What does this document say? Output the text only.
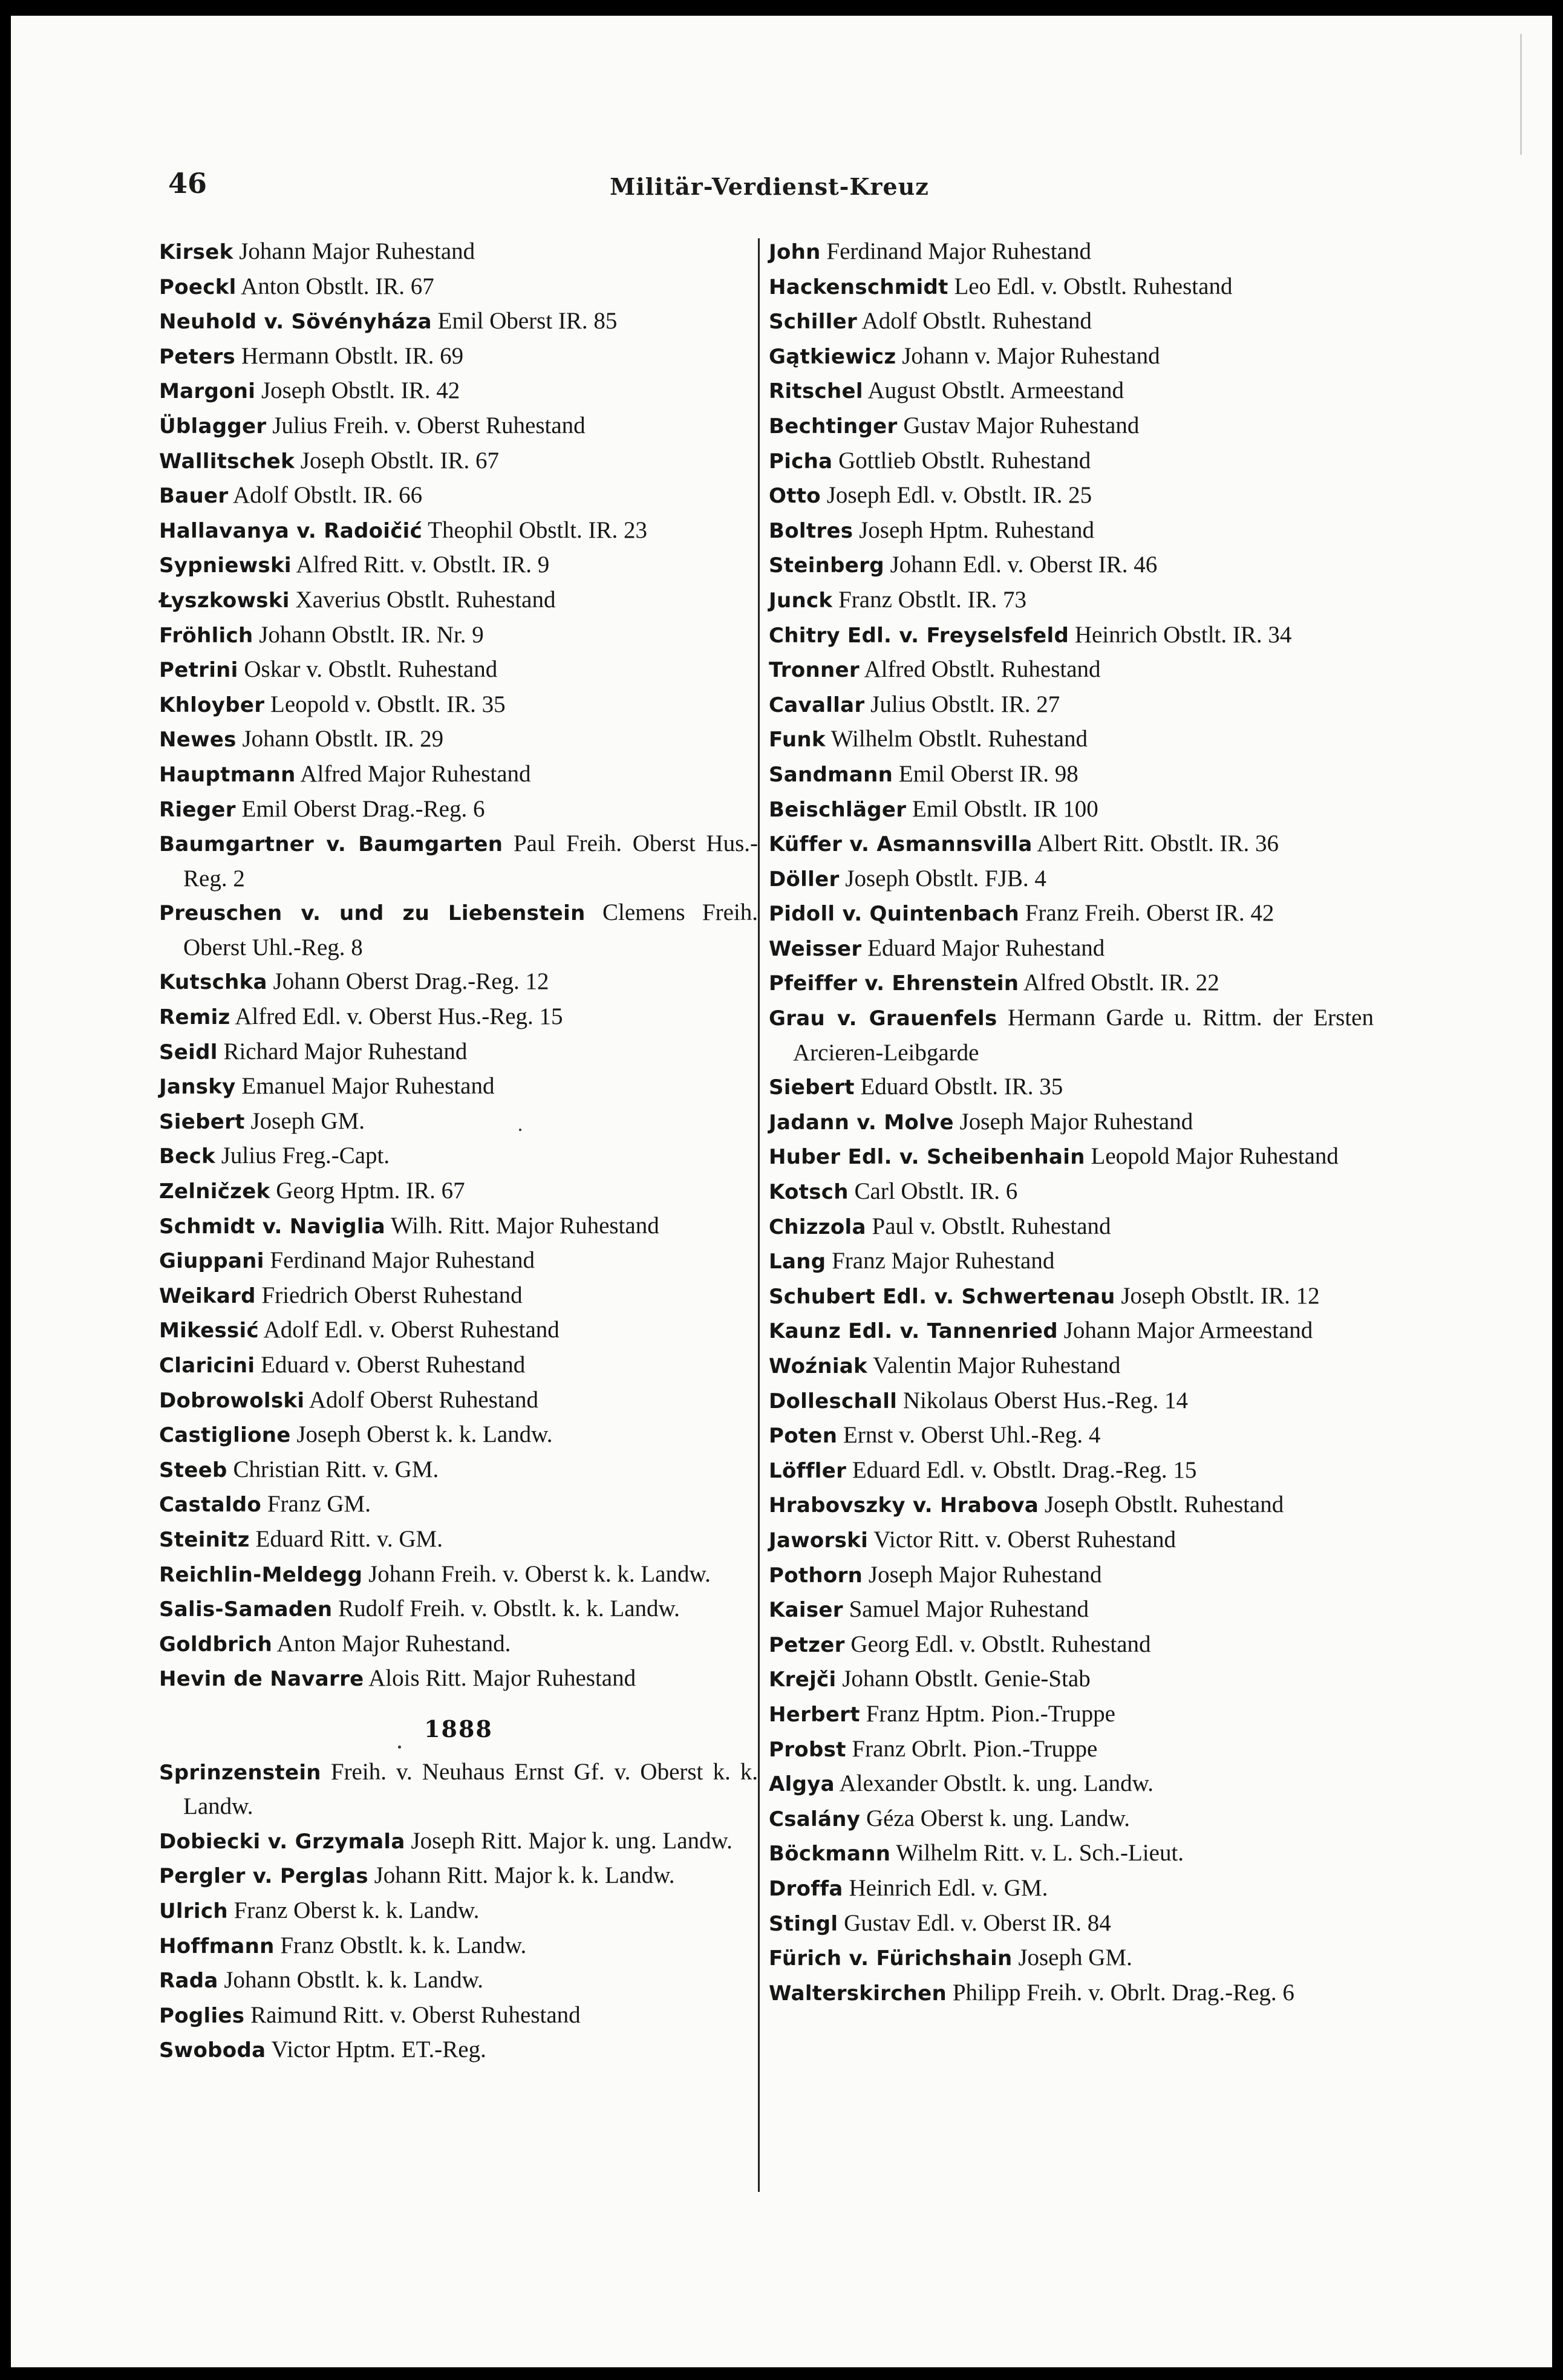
46	Militär-Verdienst-Kreuz
Kirsek Johann Major Ruhestand
Poeckl Anton Obstlt. IR. 67
Neuhold v. Sövényháza Emil Oberst IR. 85
Peters Hermann Obstlt. IR. 69
Margoni Joseph Obstlt. IR. 42
Üblagger Julius Freih. v. Oberst Ruhestand
Wallitschek Joseph Obstlt. IR. 67
Bauer Adolf Obstlt. IR. 66
Hallavanya v. Radoičić Theophil Obstlt. IR. 23
Sypniewski Alfred Ritt. v. Obstlt. IR. 9
Łyszkowski Xaverius Obstlt. Ruhestand
Fröhlich Johann Obstlt. IR. Nr. 9
Petrini Oskar v. Obstlt. Ruhestand
Khloyber Leopold v. Obstlt. IR. 35
Newes Johann Obstlt. IR. 29
Hauptmann Alfred Major Ruhestand
Rieger Emil Oberst Drag.-Reg. 6
Baumgartner v. Baumgarten Paul Freih. Oberst Hus.-Reg. 2
Preuschen v. und zu Liebenstein Clemens Freih. Oberst Uhl.-Reg. 8
Kutschka Johann Oberst Drag.-Reg. 12
Remiz Alfred Edl. v. Oberst Hus.-Reg. 15
Seidl Richard Major Ruhestand
Jansky Emanuel Major Ruhestand
Siebert Joseph GM.
Beck Julius Freg.-Capt.
Zelničzek Georg Hptm. IR. 67
Schmidt v. Naviglia Wilh. Ritt. Major Ruhestand
Giuppani Ferdinand Major Ruhestand
Weikard Friedrich Oberst Ruhestand
Mikessić Adolf Edl. v. Oberst Ruhestand
Claricini Eduard v. Oberst Ruhestand
Dobrowolski Adolf Oberst Ruhestand
Castiglione Joseph Oberst k. k. Landw.
Steeb Christian Ritt. v. GM.
Castaldo Franz GM.
Steinitz Eduard Ritt. v. GM.
Reichlin-Meldegg Johann Freih. v. Oberst k. k. Landw.
Salis-Samaden Rudolf Freih. v. Obstlt. k. k. Landw.
Goldbrich Anton Major Ruhestand.
Hevin de Navarre Alois Ritt. Major Ruhestand
1888
Sprinzenstein Freih. v. Neuhaus Ernst Gf. v. Oberst k. k. Landw.
Dobiecki v. Grzymala Joseph Ritt. Major k. ung. Landw.
Pergler v. Perglas Johann Ritt. Major k. k. Landw.
Ulrich Franz Oberst k. k. Landw.
Hoffmann Franz Obstlt. k. k. Landw.
Rada Johann Obstlt. k. k. Landw.
Poglies Raimund Ritt. v. Oberst Ruhestand
Swoboda Victor Hptm. ET.-Reg.
John Ferdinand Major Ruhestand
Hackenschmidt Leo Edl. v. Obstlt. Ruhestand
Schiller Adolf Obstlt. Ruhestand
Gątkiewicz Johann v. Major Ruhestand
Ritschel August Obstlt. Armeestand
Bechtinger Gustav Major Ruhestand
Picha Gottlieb Obstlt. Ruhestand
Otto Joseph Edl. v. Obstlt. IR. 25
Boltres Joseph Hptm. Ruhestand
Steinberg Johann Edl. v. Oberst IR. 46
Junck Franz Obstlt. IR. 73
Chitry Edl. v. Freyselsfeld Heinrich Obstlt. IR. 34
Tronner Alfred Obstlt. Ruhestand
Cavallar Julius Obstlt. IR. 27
Funk Wilhelm Obstlt. Ruhestand
Sandmann Emil Oberst IR. 98
Beischläger Emil Obstlt. IR 100
Küffer v. Asmannsvilla Albert Ritt. Obstlt. IR. 36
Döller Joseph Obstlt. FJB. 4
Pidoll v. Quintenbach Franz Freih. Oberst IR. 42
Weisser Eduard Major Ruhestand
Pfeiffer v. Ehrenstein Alfred Obstlt. IR. 22
Grau v. Grauenfels Hermann Garde u. Rittm. der Ersten Arcieren-Leibgarde
Siebert Eduard Obstlt. IR. 35
Jadann v. Molve Joseph Major Ruhestand
Huber Edl. v. Scheibenhain Leopold Major Ruhestand
Kotsch Carl Obstlt. IR. 6
Chizzola Paul v. Obstlt. Ruhestand
Lang Franz Major Ruhestand
Schubert Edl. v. Schwertenau Joseph Obstlt. IR. 12
Kaunz Edl. v. Tannenried Johann Major Armeestand
Woźniak Valentin Major Ruhestand
Dolleschall Nikolaus Oberst Hus.-Reg. 14
Poten Ernst v. Oberst Uhl.-Reg. 4
Löffler Eduard Edl. v. Obstlt. Drag.-Reg. 15
Hrabovszky v. Hrabova Joseph Obstlt. Ruhestand
Jaworski Victor Ritt. v. Oberst Ruhestand
Pothorn Joseph Major Ruhestand
Kaiser Samuel Major Ruhestand
Petzer Georg Edl. v. Obstlt. Ruhestand
Krejči Johann Obstlt. Genie-Stab
Herbert Franz Hptm. Pion.-Truppe
Probst Franz Obrlt. Pion.-Truppe
Algya Alexander Obstlt. k. ung. Landw.
Csalány Géza Oberst k. ung. Landw.
Böckmann Wilhelm Ritt. v. L. Sch.-Lieut.
Droffa Heinrich Edl. v. GM.
Stingl Gustav Edl. v. Oberst IR. 84
Fürich v. Fürichshain Joseph GM.
Walterskirchen Philipp Freih. v. Obrlt. Drag.-Reg. 6
